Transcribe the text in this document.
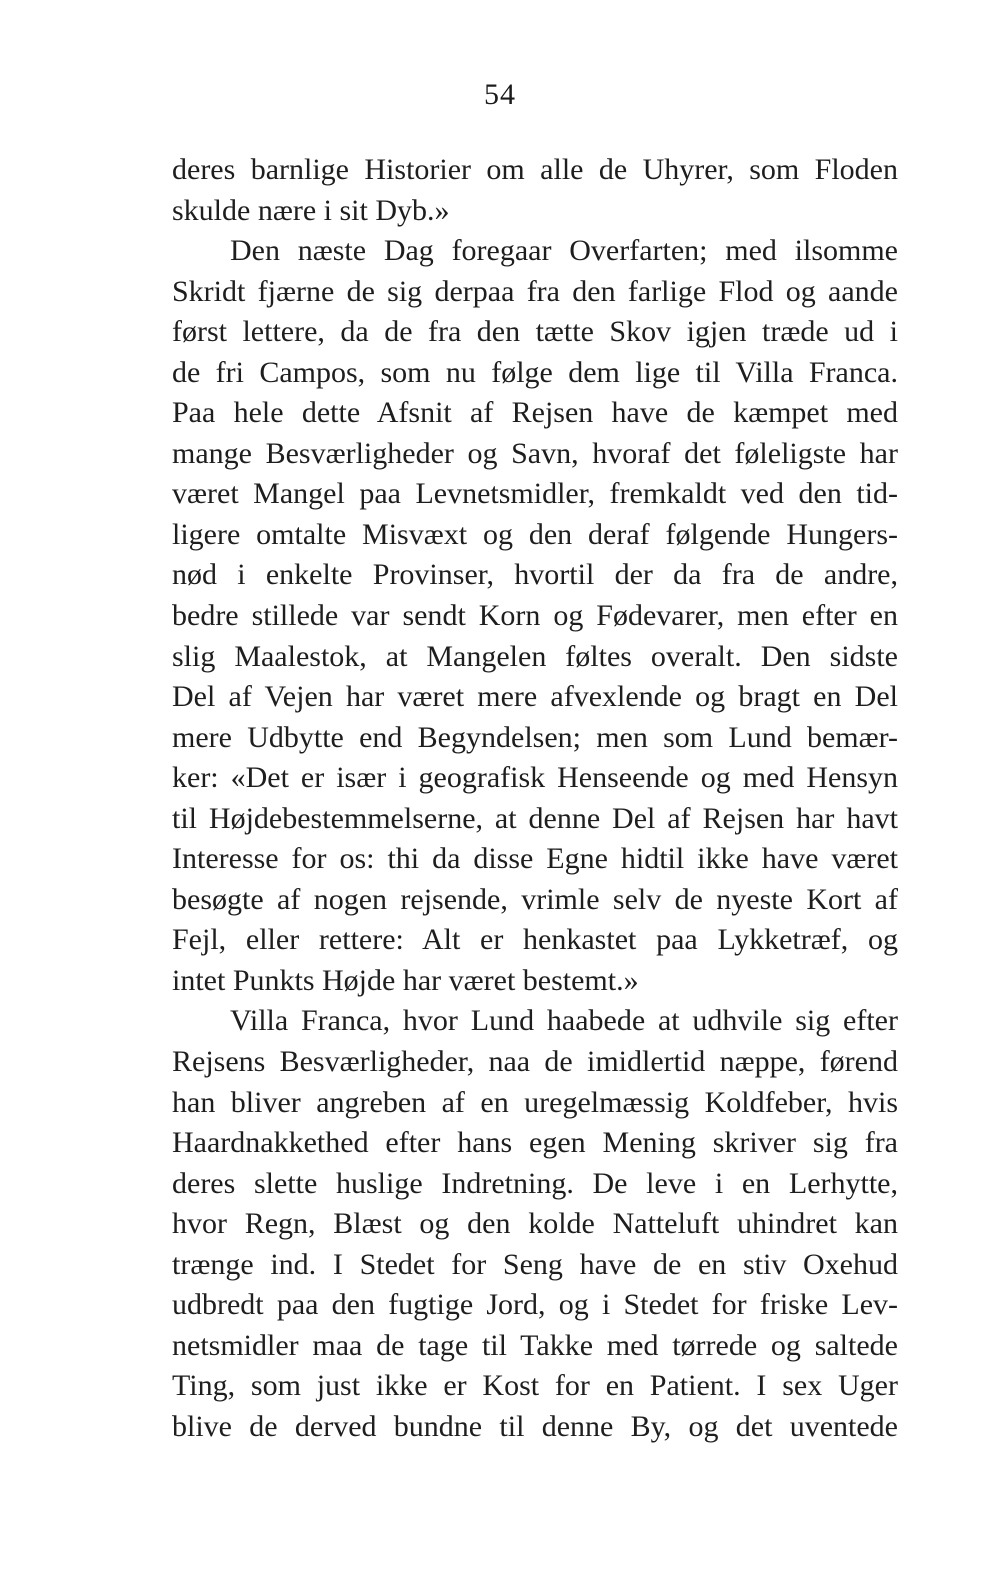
54
deres barnlige Historier om alle de Uhyrer, som Floden
skulde nære i sit Dyb.»
Den næste Dag foregaar Overfarten; med ilsomme
Skridt fjærne de sig derpaa fra den farlige Flod og aande
først lettere, da de fra den tætte Skov igjen træde ud i
de fri Campos, som nu følge dem lige til Villa Franca.
Paa hele dette Afsnit af Rejsen have de kæmpet med
mange Besværligheder og Savn, hvoraf det føleligste har
været Mangel paa Levnetsmidler, fremkaldt ved den tid-
ligere omtalte Misvæxt og den deraf følgende Hungers-
nød i enkelte Provinser, hvortil der da fra de andre,
bedre stillede var sendt Korn og Fødevarer, men efter en
slig Maalestok, at Mangelen føltes overalt. Den sidste
Del af Vejen har været mere afvexlende og bragt en Del
mere Udbytte end Begyndelsen; men som Lund bemær-
ker: «Det er især i geografisk Henseende og med Hensyn
til Højdebestemmelserne, at denne Del af Rejsen har havt
Interesse for os: thi da disse Egne hidtil ikke have været
besøgte af nogen rejsende, vrimle selv de nyeste Kort af
Fejl, eller rettere: Alt er henkastet paa Lykketræf, og
intet Punkts Højde har været bestemt.»
Villa Franca, hvor Lund haabede at udhvile sig efter
Rejsens Besværligheder, naa de imidlertid næppe, førend
han bliver angreben af en uregelmæssig Koldfeber, hvis
Haardnakkethed efter hans egen Mening skriver sig fra
deres slette huslige Indretning. De leve i en Lerhytte,
hvor Regn, Blæst og den kolde Natteluft uhindret kan
trænge ind. I Stedet for Seng have de en stiv Oxehud
udbredt paa den fugtige Jord, og i Stedet for friske Lev-
netsmidler maa de tage til Takke med tørrede og saltede
Ting, som just ikke er Kost for en Patient. I sex Uger
blive de derved bundne til denne By, og det uventede
